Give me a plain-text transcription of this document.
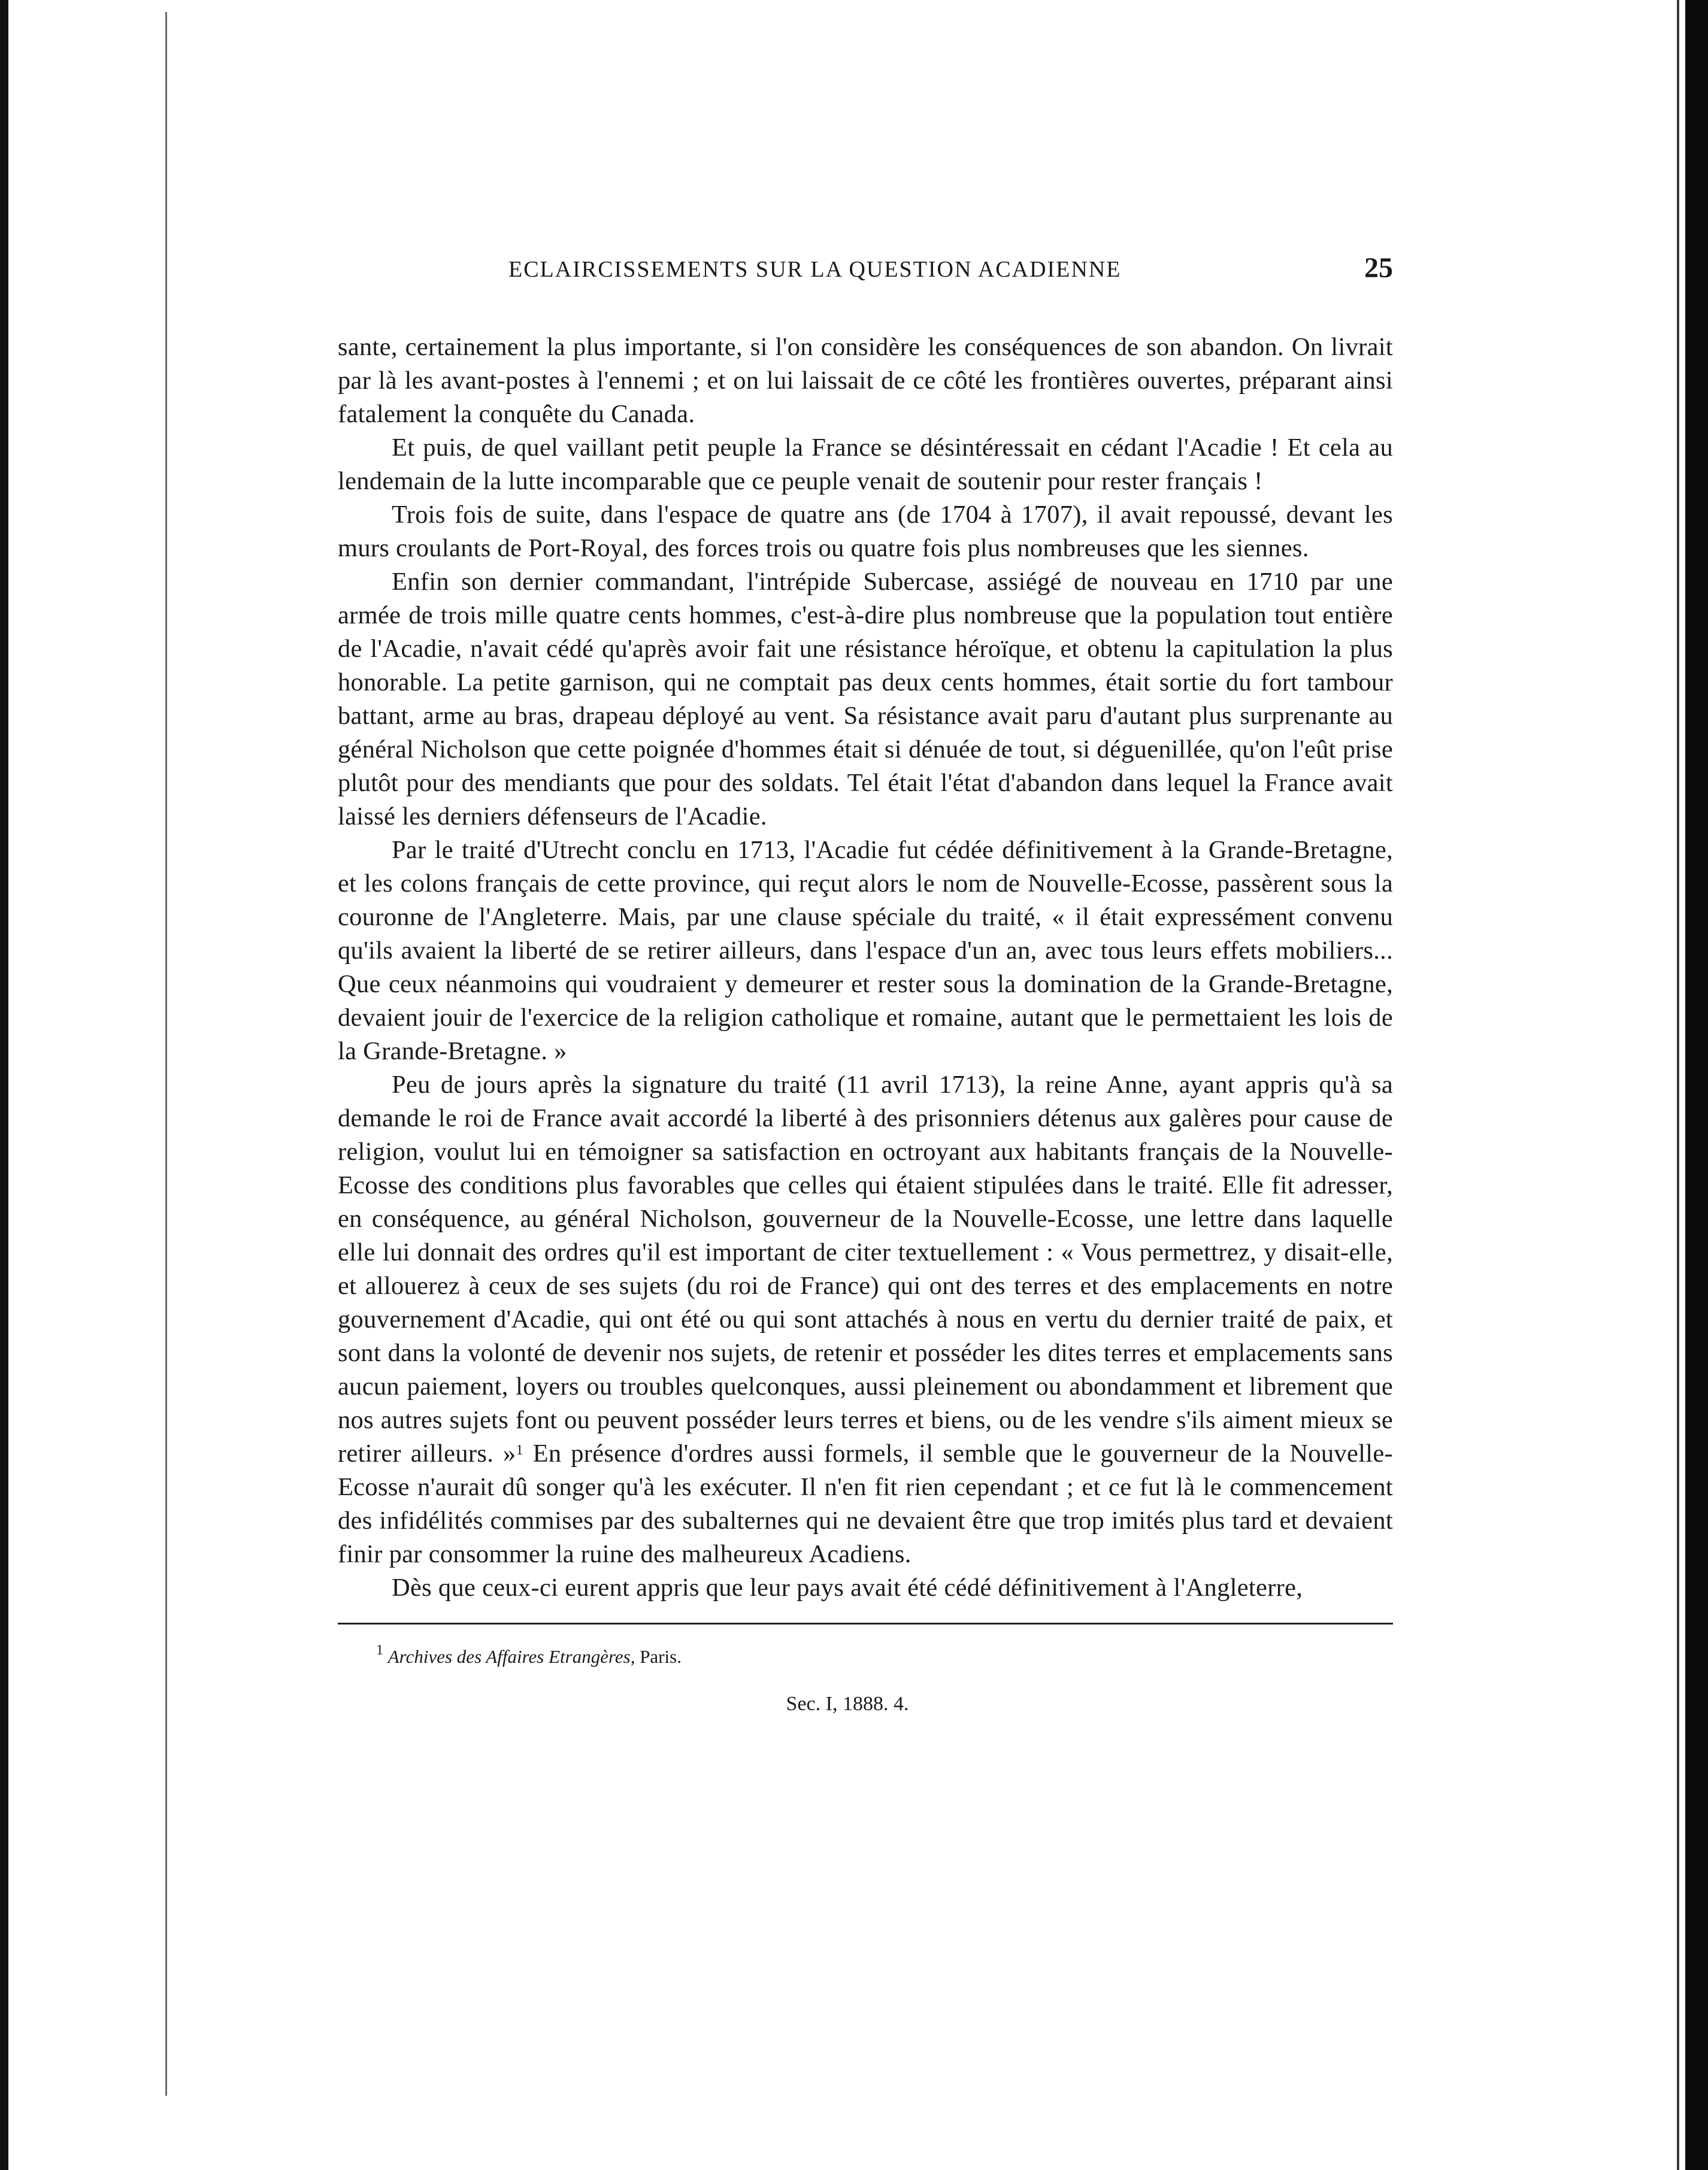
ECLAIRCISSEMENTS SUR LA QUESTION ACADIENNE	25

sante, certainement la plus importante, si l'on considère les conséquences de son abandon. On livrait par là les avant-postes à l'ennemi ; et on lui laissait de ce côté les frontières ouvertes, préparant ainsi fatalement la conquête du Canada.

Et puis, de quel vaillant petit peuple la France se désintéressait en cédant l'Acadie ! Et cela au lendemain de la lutte incomparable que ce peuple venait de soutenir pour rester français !

Trois fois de suite, dans l'espace de quatre ans (de 1704 à 1707), il avait repoussé, devant les murs croulants de Port-Royal, des forces trois ou quatre fois plus nombreuses que les siennes.

Enfin son dernier commandant, l'intrépide Subercase, assiégé de nouveau en 1710 par une armée de trois mille quatre cents hommes, c'est-à-dire plus nombreuse que la population tout entière de l'Acadie, n'avait cédé qu'après avoir fait une résistance héroïque, et obtenu la capitulation la plus honorable. La petite garnison, qui ne comptait pas deux cents hommes, était sortie du fort tambour battant, arme au bras, drapeau déployé au vent. Sa résistance avait paru d'autant plus surprenante au général Nicholson que cette poignée d'hommes était si dénuée de tout, si déguenillée, qu'on l'eût prise plutôt pour des mendiants que pour des soldats. Tel était l'état d'abandon dans lequel la France avait laissé les derniers défenseurs de l'Acadie.

Par le traité d'Utrecht conclu en 1713, l'Acadie fut cédée définitivement à la Grande-Bretagne, et les colons français de cette province, qui reçut alors le nom de Nouvelle-Ecosse, passèrent sous la couronne de l'Angleterre. Mais, par une clause spéciale du traité, « il était expressément convenu qu'ils avaient la liberté de se retirer ailleurs, dans l'espace d'un an, avec tous leurs effets mobiliers... Que ceux néanmoins qui voudraient y demeurer et rester sous la domination de la Grande-Bretagne, devaient jouir de l'exercice de la religion catholique et romaine, autant que le permettaient les lois de la Grande-Bretagne. »

Peu de jours après la signature du traité (11 avril 1713), la reine Anne, ayant appris qu'à sa demande le roi de France avait accordé la liberté à des prisonniers détenus aux galères pour cause de religion, voulut lui en témoigner sa satisfaction en octroyant aux habitants français de la Nouvelle-Ecosse des conditions plus favorables que celles qui étaient stipulées dans le traité. Elle fit adresser, en conséquence, au général Nicholson, gouverneur de la Nouvelle-Ecosse, une lettre dans laquelle elle lui donnait des ordres qu'il est important de citer textuellement : « Vous permettrez, y disait-elle, et allouerez à ceux de ses sujets (du roi de France) qui ont des terres et des emplacements en notre gouvernement d'Acadie, qui ont été ou qui sont attachés à nous en vertu du dernier traité de paix, et sont dans la volonté de devenir nos sujets, de retenir et posséder les dites terres et emplacements sans aucun paiement, loyers ou troubles quelconques, aussi pleinement ou abondamment et librement que nos autres sujets font ou peuvent posséder leurs terres et biens, ou de les vendre s'ils aiment mieux se retirer ailleurs. »$^1$ En présence d'ordres aussi formels, il semble que le gouverneur de la Nouvelle-Ecosse n'aurait dû songer qu'à les exécuter. Il n'en fit rien cependant ; et ce fut là le commencement des infidélités commises par des subalternes qui ne devaient être que trop imités plus tard et devaient finir par consommer la ruine des malheureux Acadiens.

Dès que ceux-ci eurent appris que leur pays avait été cédé définitivement à l'Angleterre,

$^1$ Archives des Affaires Etrangères, Paris.
Sec. I, 1888. 4.
